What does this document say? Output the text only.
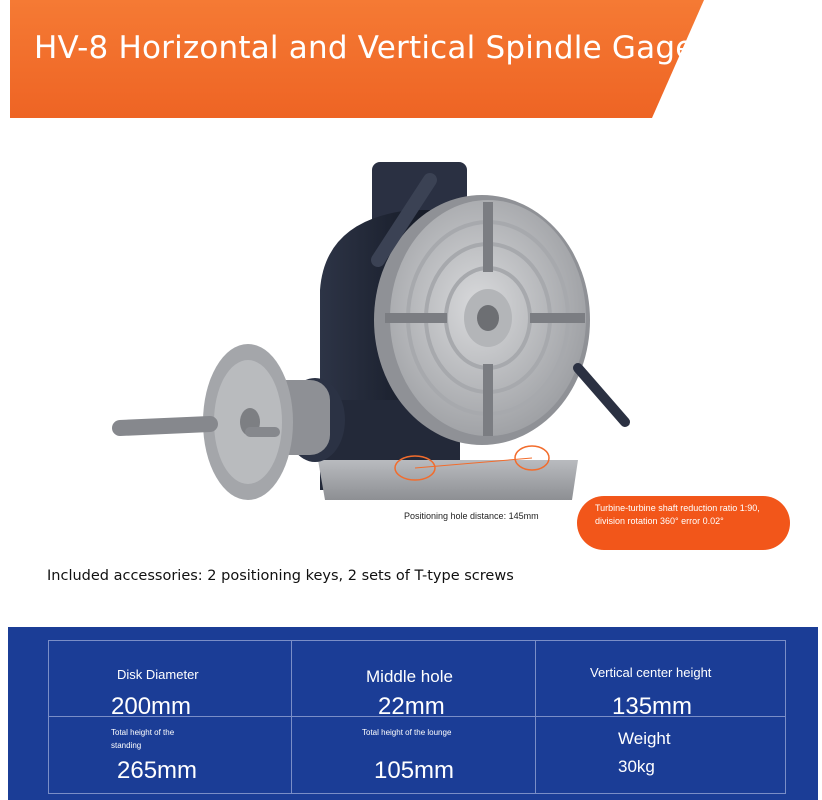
HV-8 Horizontal and Vertical Spindle Gage
Positioning hole distance: 145mm
Turbine-turbine shaft reduction ratio 1:90, division rotation 360° error 0.02°
Included accessories: 2 positioning keys, 2 sets of T-type screws
Disk Diameter
200mm
Middle hole
22mm
Vertical center height
135mm
Total height of the standing
265mm
Total height of the lounge
105mm
Weight
30kg
